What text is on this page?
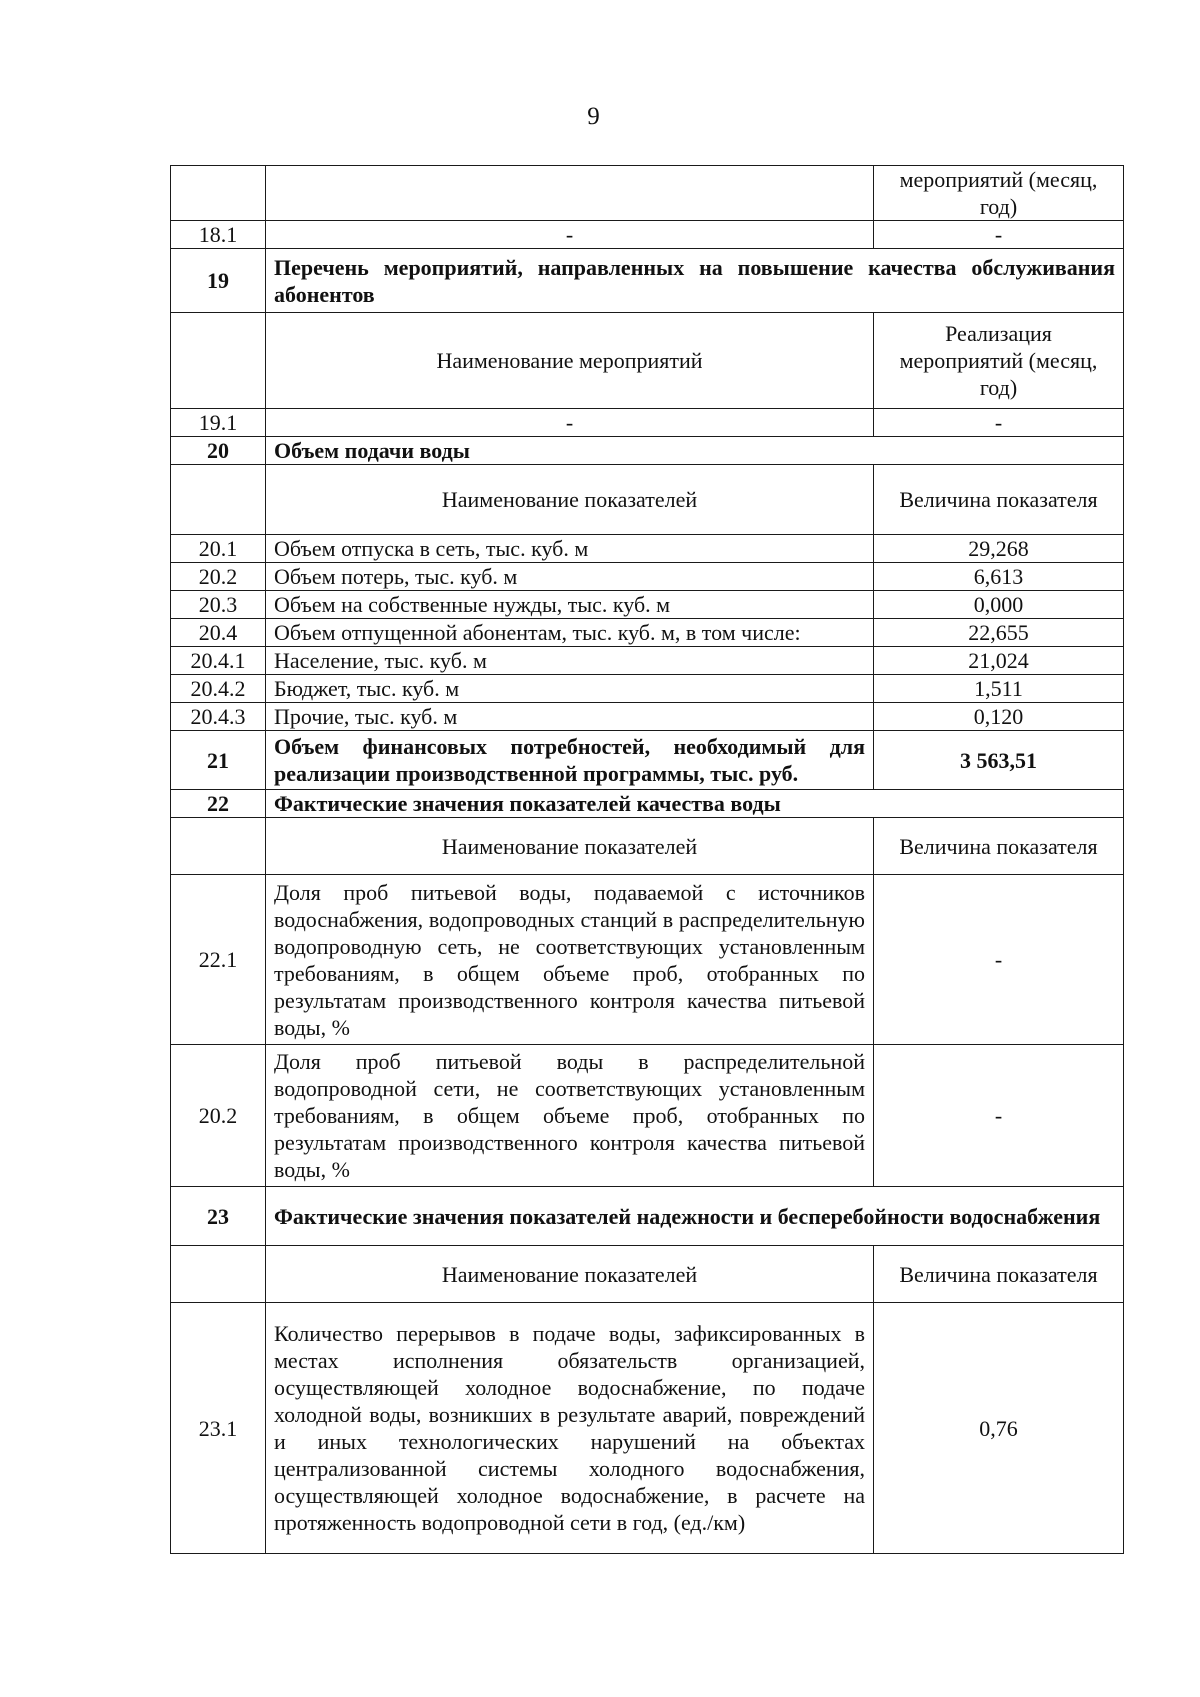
9
		мероприятий (месяц, год)
18.1	-	-
19	Перечень мероприятий, направленных на повышение качества обслуживания абонентов	
	Наименование мероприятий	Реализация мероприятий (месяц, год)
19.1	-	-
20	Объем подачи воды	
	Наименование показателей	Величина показателя
20.1	Объем отпуска в сеть, тыс. куб. м	29,268
20.2	Объем потерь, тыс. куб. м	6,613
20.3	Объем на собственные нужды, тыс. куб. м	0,000
20.4	Объем отпущенной абонентам, тыс. куб. м, в том числе:	22,655
20.4.1	Население, тыс. куб. м	21,024
20.4.2	Бюджет, тыс. куб. м	1,511
20.4.3	Прочие, тыс. куб. м	0,120
21	Объем финансовых потребностей, необходимый для реализации производственной программы, тыс. руб.	3 563,51
22	Фактические значения показателей качества воды	
	Наименование показателей	Величина показателя
22.1	Доля проб питьевой воды, подаваемой с источников водоснабжения, водопроводных станций в распределительную водопроводную сеть, не соответствующих установленным требованиям, в общем объеме проб, отобранных по результатам производственного контроля качества питьевой воды, %	-
20.2	Доля проб питьевой воды в распределительной водопроводной сети, не соответствующих установленным требованиям, в общем объеме проб, отобранных по результатам производственного контроля качества питьевой воды, %	-
23	Фактические значения показателей надежности и бесперебойности водоснабжения	
	Наименование показателей	Величина показателя
23.1	Количество перерывов в подаче воды, зафиксированных в местах исполнения обязательств организацией, осуществляющей холодное водоснабжение, по подаче холодной воды, возникших в результате аварий, повреждений и иных технологических нарушений на объектах централизованной системы холодного водоснабжения, осуществляющей холодное водоснабжение, в расчете на протяженность водопроводной сети в год, (ед./км)	0,76
